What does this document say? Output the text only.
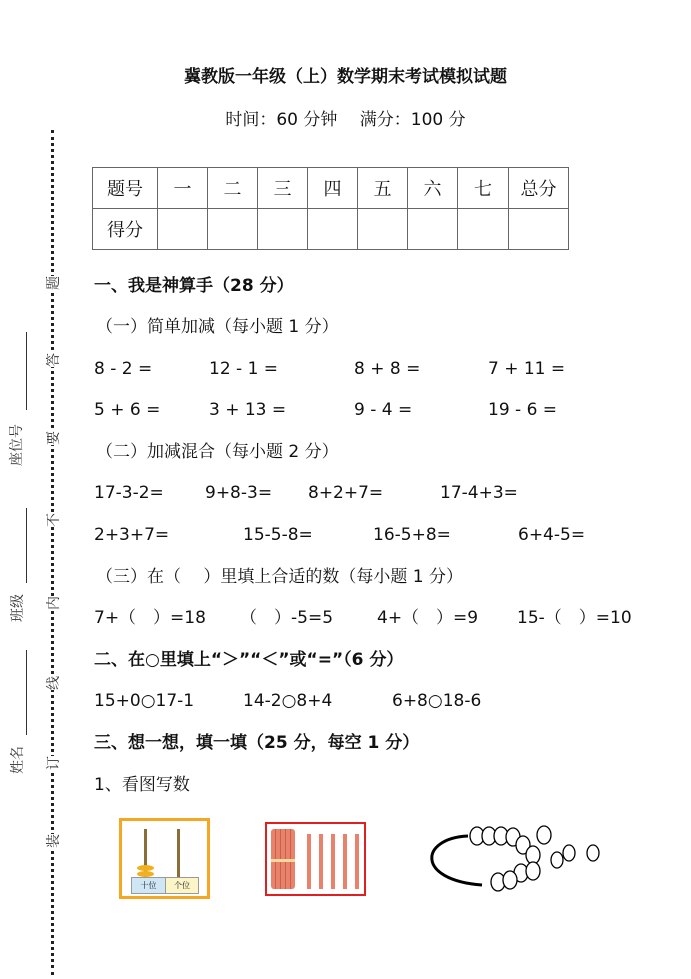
题
答
要
不
内
线
订
装
座位号
班级
姓名
冀教版一年级（上）数学期末考试模拟试题
时间：60 分钟　 满分：100 分
题号	一	二	三	四	五	六	七	总分
得分								
一、我是神算手（28 分）
（一）简单加减（每小题 1 分）
8 - 2 =	12 - 1 =	8 + 8 =	7 + 11 =
5 + 6 =	3 + 13 =	9 - 4 =	19 - 6 =
（二）加减混合（每小题 2 分）
17-3-2= 9+8-3= 8+2+7=	17-4+3=
2+3+7=	15-5-8=	16-5+8=	6+4-5=
（三）在（　 ）里填上合适的数（每小题 1 分）
7+（　）=18 （　）-5=5	4+（　）=9 15-（　）=10
二、在○里填上“＞”“＜”或“=”（6 分）
15+0○17-1	14-2○8+4	6+8○18-6
三、想一想，填一填（25 分，每空 1 分）
1、看图写数
十位	个位
